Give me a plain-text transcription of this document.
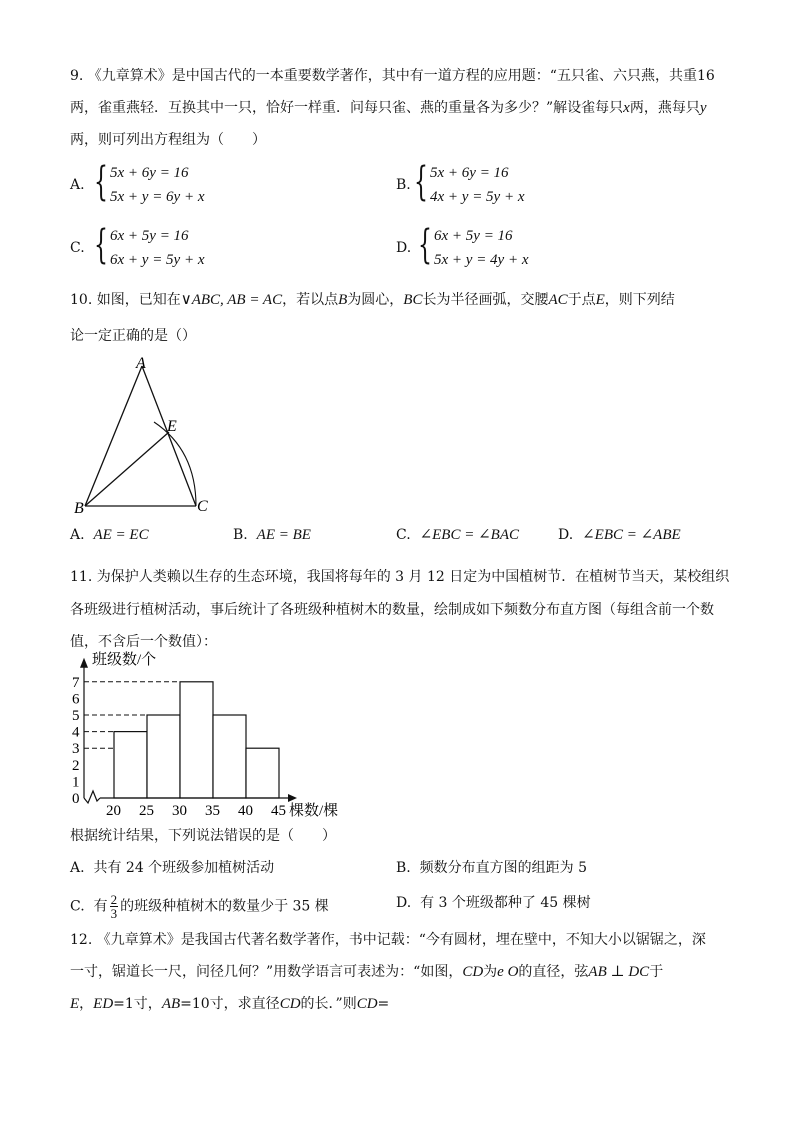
9. 《九章算术》是中国古代的一本重要数学著作，其中有一道方程的应用题：“五只雀、六只燕，共重16
两，雀重燕轻．互换其中一只，恰好一样重．问每只雀、燕的重量各为多少？”解设雀每只x两，燕每只y
两，则可列出方程组为（　　）
A. { 5x + 6y = 16
5x + y = 6y + x
B. { 5x + 6y = 16
4x + y = 5y + x
C. { 6x + 5y = 16
6x + y = 5y + x
D. { 6x + 5y = 16
5x + y = 4y + x
10. 如图，已知在∨ABC, AB = AC，若以点B为圆心，BC长为半径画弧，交腰AC于点E，则下列结
论一定正确的是（）
A
B	C
E
A. AE = EC	B. AE = BE	C. ∠EBC = ∠BAC	D. ∠EBC = ∠ABE
11. 为保护人类赖以生存的生态环境，我国将每年的 3 月 12 日定为中国植树节．在植树节当天，某校组织
各班级进行植树活动，事后统计了各班级种植树木的数量，绘制成如下频数分布直方图（每组含前一个数
值，不含后一个数值）：
0
1
2
3
4
5
6
7
20 25 30 35 40 45
班级数/个
棵数/棵
根据统计结果，下列说法错误的是（　　）
A. 共有 24 个班级参加植树活动	B. 频数分布直方图的组距为 5
C. 有 $\frac{2}{3}$ 的班级种植树木的数量少于 35 棵	D. 有 3 个班级都种了 45 棵树
12. 《九章算术》是我国古代著名数学著作，书中记载：“今有圆材，埋在壁中，不知大小以锯锯之，深
一寸，锯道长一尺，问径几何？”用数学语言可表述为：“如图，CD为e O的直径，弦AB ⊥ DC于
E，ED=1寸，AB=10寸，求直径CD的长．”则CD=
